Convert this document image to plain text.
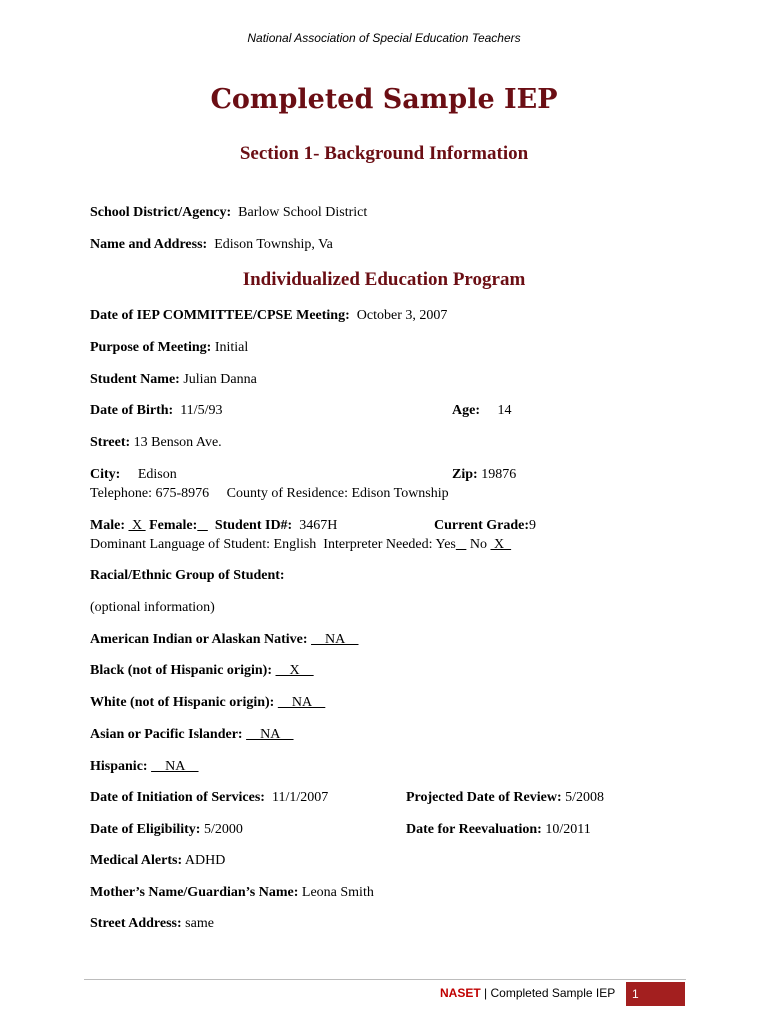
National Association of Special Education Teachers
Completed Sample IEP
Section 1- Background Information
School District/Agency: Barlow School District
Name and Address: Edison Township, Va
Individualized Education Program
Date of IEP COMMITTEE/CPSE Meeting: October 3, 2007
Purpose of Meeting: Initial
Student Name: Julian Danna
Date of Birth: 11/5/93	Age: 14
Street: 13 Benson Ave.
City: Edison	Zip: 19876
Telephone: 675-8976 County of Residence: Edison Township
Male:  X  Female: Student ID#: 3467H	Current Grade:9
Dominant Language of Student: English  Interpreter Needed: Yes No  X
Racial/Ethnic Group of Student:
(optional information)
American Indian or Alaskan Native:     NA
Black (not of Hispanic origin):     X
White (not of Hispanic origin):     NA
Asian or Pacific Islander:     NA
Hispanic:     NA
Date of Initiation of Services: 11/1/2007	Projected Date of Review: 5/2008
Date of Eligibility: 5/2000	Date for Reevaluation: 10/2011
Medical Alerts: ADHD
Mother’s Name/Guardian’s Name: Leona Smith
Street Address: same
NASET | Completed Sample IEP	1
